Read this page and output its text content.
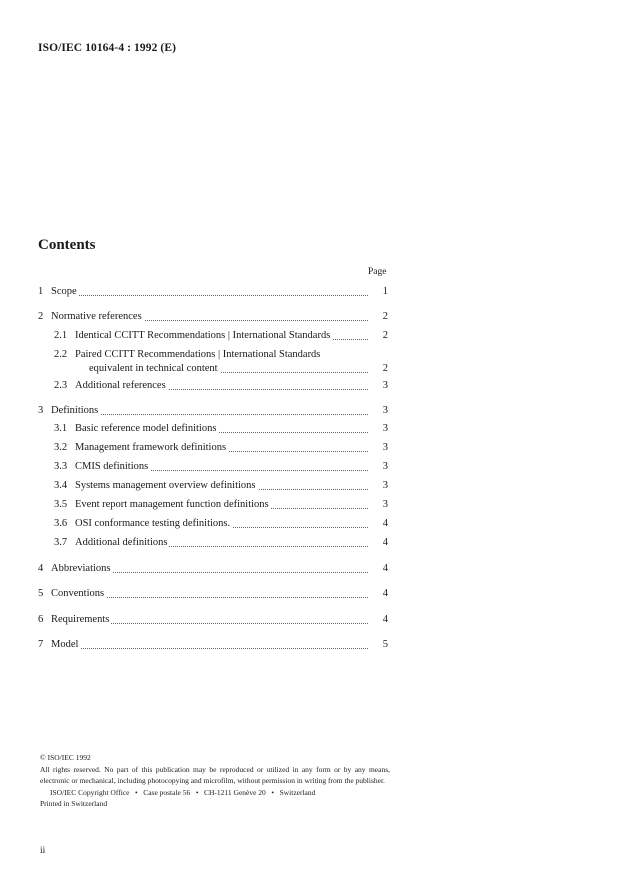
ISO/IEC 10164-4 : 1992 (E)
Contents
Page
1 Scope	1
2 Normative references	2
2.1 Identical CCITT Recommendations | International Standards	2
2.2 Paired CCITT Recommendations | International Standards
equivalent in technical content	2
2.3 Additional references	3
3 Definitions	3
3.1 Basic reference model definitions	3
3.2 Management framework definitions	3
3.3 CMIS definitions	3
3.4 Systems management overview definitions	3
3.5 Event report management function definitions	3
3.6 OSI conformance testing definitions.	4
3.7 Additional definitions	4
4 Abbreviations	4
5 Conventions	4
6 Requirements	4
7 Model	5

© ISO/IEC 1992

All rights reserved. No part of this publication may be reproduced or utilized in any form or by any means, electronic or mechanical, including photocopying and microfilm, without permission in writing from the publisher.

ISO/IEC Copyright Office • Case postale 56 • CH-1211 Genève 20 • Switzerland

Printed in Switzerland

ii
